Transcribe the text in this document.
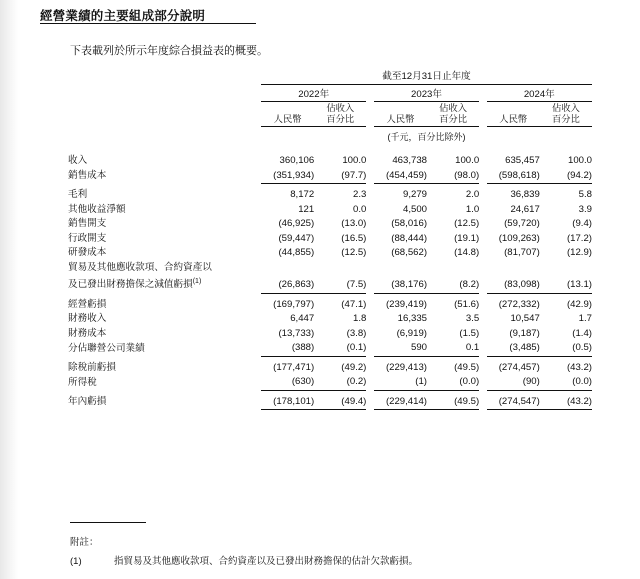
經營業績的主要組成部分說明
下表載列於所示年度綜合損益表的概要。
	截至12月31日止年度							

	2022年			2023年			2024年	

	人民幣	佔收入
百分比		人民幣	佔收入
百分比		人民幣	佔收入
百分比

	(千元，百分比除外)							

收入	360,106	100.0		463,738	100.0		635,457	100.0
銷售成本	(351,934)	(97.7)		(454,459)	(98.0)		(598,618)	(94.2)

毛利	8,172	2.3		9,279	2.0		36,839	5.8
其他收益淨額	121	0.0		4,500	1.0		24,617	3.9
銷售開支	(46,925)	(13.0)		(58,016)	(12.5)		(59,720)	(9.4)
行政開支	(59,447)	(16.5)		(88,444)	(19.1)		(109,263)	(17.2)
研發成本	(44,855)	(12.5)		(68,562)	(14.8)		(81,707)	(12.9)
貿易及其他應收款項、合約資產以								
及已發出財務擔保之減值虧損$^{(1)}$	(26,863)	(7.5)		(38,176)	(8.2)		(83,098)	(13.1)

經營虧損	(169,797)	(47.1)		(239,419)	(51.6)		(272,332)	(42.9)
財務收入	6,447	1.8		16,335	3.5		10,547	1.7
財務成本	(13,733)	(3.8)		(6,919)	(1.5)		(9,187)	(1.4)
分佔聯營公司業績	(388)	(0.1)		590	0.1		(3,485)	(0.5)

除稅前虧損	(177,471)	(49.2)		(229,413)	(49.5)		(274,457)	(43.2)
所得稅	(630)	(0.2)		(1)	(0.0)		(90)	(0.0)

年內虧損	(178,101)	(49.4)		(229,414)	(49.5)		(274,547)	(43.2)

附註：
(1)	指貿易及其他應收款項、合約資產以及已發出財務擔保的估計欠款虧損。
